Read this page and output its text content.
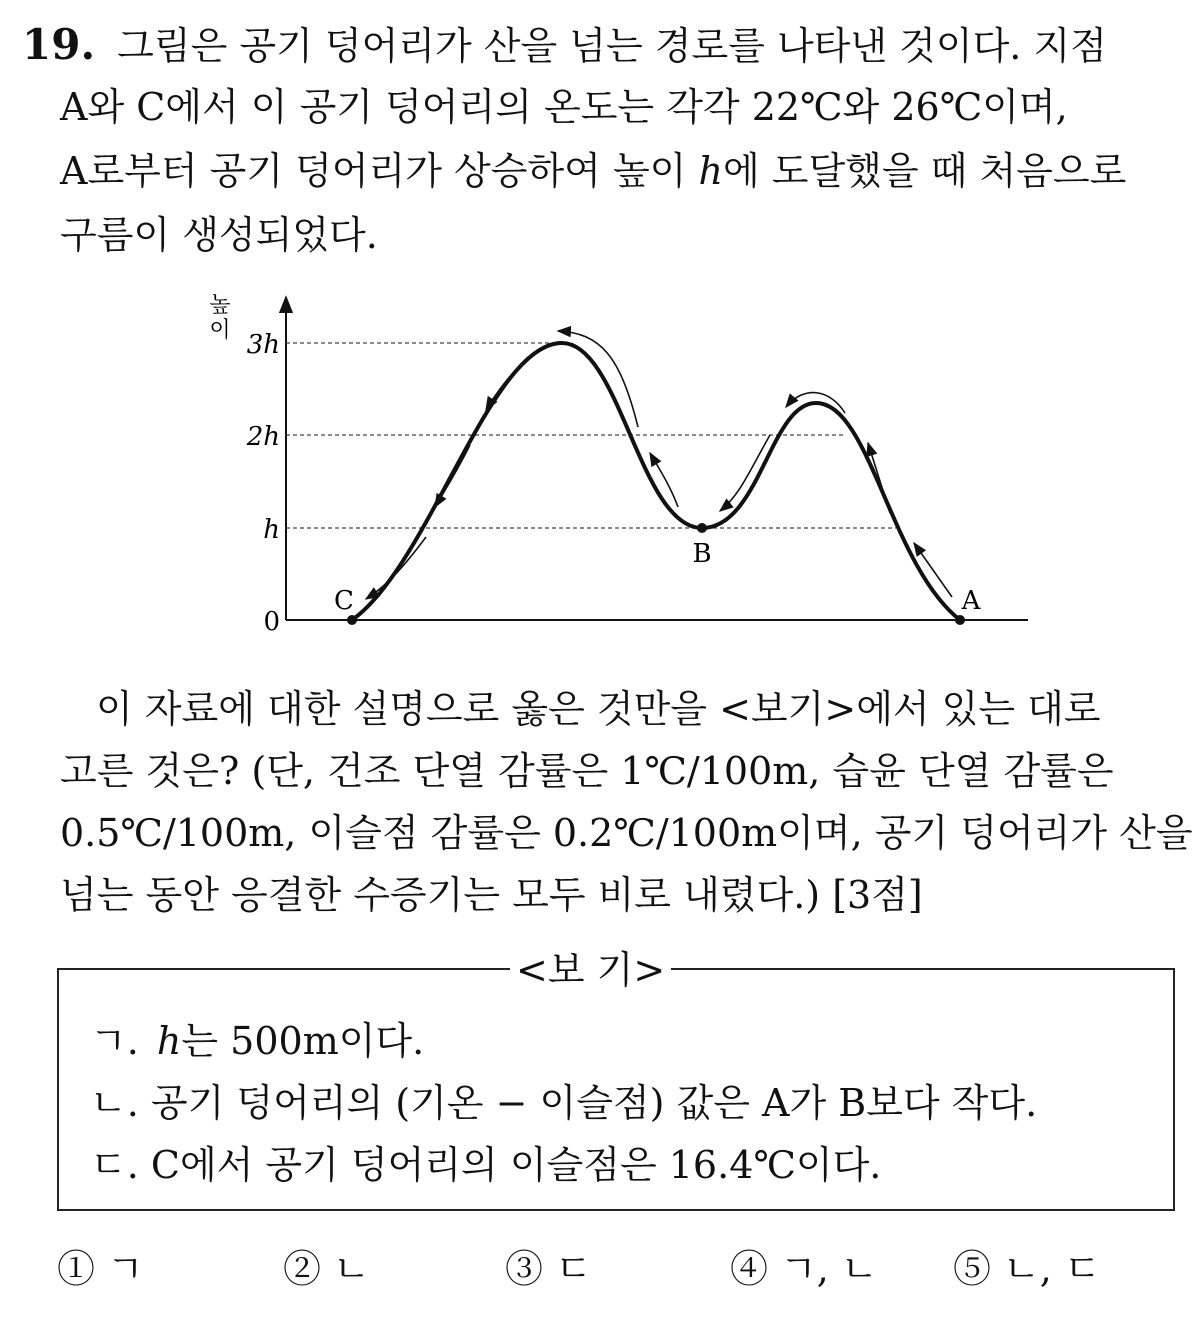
19. 그림은 공기 덩어리가 산을 넘는 경로를 나타낸 것이다. 지점
A와 C에서 이 공기 덩어리의 온도는 각각 22℃와 26℃이며,
A로부터 공기 덩어리가 상승하여 높이 h에 도달했을 때 처음으로
구름이 생성되었다.
높
이 3h
2h
h
0
C
B
A
이 자료에 대한 설명으로 옳은 것만을 <보기>에서 있는 대로
고른 것은? (단, 건조 단열 감률은 1℃/100m, 습윤 단열 감률은
0.5℃/100m, 이슬점 감률은 0.2℃/100m이며, 공기 덩어리가 산을
넘는 동안 응결한 수증기는 모두 비로 내렸다.) [3점]
<보 기>
ㄱ. h는 500m이다.
ㄴ. 공기 덩어리의 (기온 − 이슬점) 값은 A가 B보다 작다.
ㄷ. C에서 공기 덩어리의 이슬점은 16.4℃이다.
① ㄱ	② ㄴ	③ ㄷ	④ ㄱ, ㄴ ⑤ ㄴ, ㄷ
